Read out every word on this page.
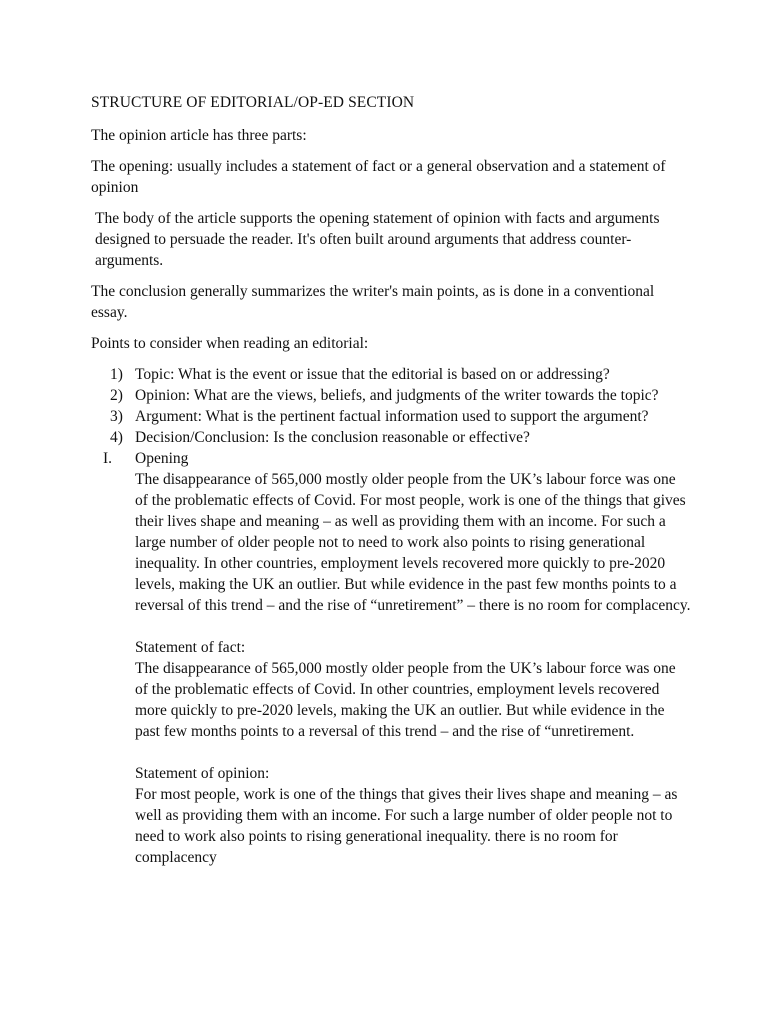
STRUCTURE OF EDITORIAL/OP-ED SECTION

The opinion article has three parts:

The opening: usually includes a statement of fact or a general observation and a statement of opinion

The body of the article supports the opening statement of opinion with facts and arguments designed to persuade the reader. It's often built around arguments that address counter-arguments.

The conclusion generally summarizes the writer's main points, as is done in a conventional essay.

Points to consider when reading an editorial:

1) Topic: What is the event or issue that the editorial is based on or addressing?
2) Opinion: What are the views, beliefs, and judgments of the writer towards the topic?
3) Argument: What is the pertinent factual information used to support the argument?
4) Decision/Conclusion: Is the conclusion reasonable or effective?
I. Opening
The disappearance of 565,000 mostly older people from the UK’s labour force was one of the problematic effects of Covid. For most people, work is one of the things that gives their lives shape and meaning – as well as providing them with an income. For such a large number of older people not to need to work also points to rising generational inequality. In other countries, employment levels recovered more quickly to pre-2020 levels, making the UK an outlier. But while evidence in the past few months points to a reversal of this trend – and the rise of “unretirement” – there is no room for complacency.
Statement of fact:
The disappearance of 565,000 mostly older people from the UK’s labour force was one of the problematic effects of Covid. In other countries, employment levels recovered more quickly to pre-2020 levels, making the UK an outlier. But while evidence in the past few months points to a reversal of this trend – and the rise of “unretirement.
Statement of opinion:
For most people, work is one of the things that gives their lives shape and meaning – as well as providing them with an income. For such a large number of older people not to need to work also points to rising generational inequality. there is no room for complacency
